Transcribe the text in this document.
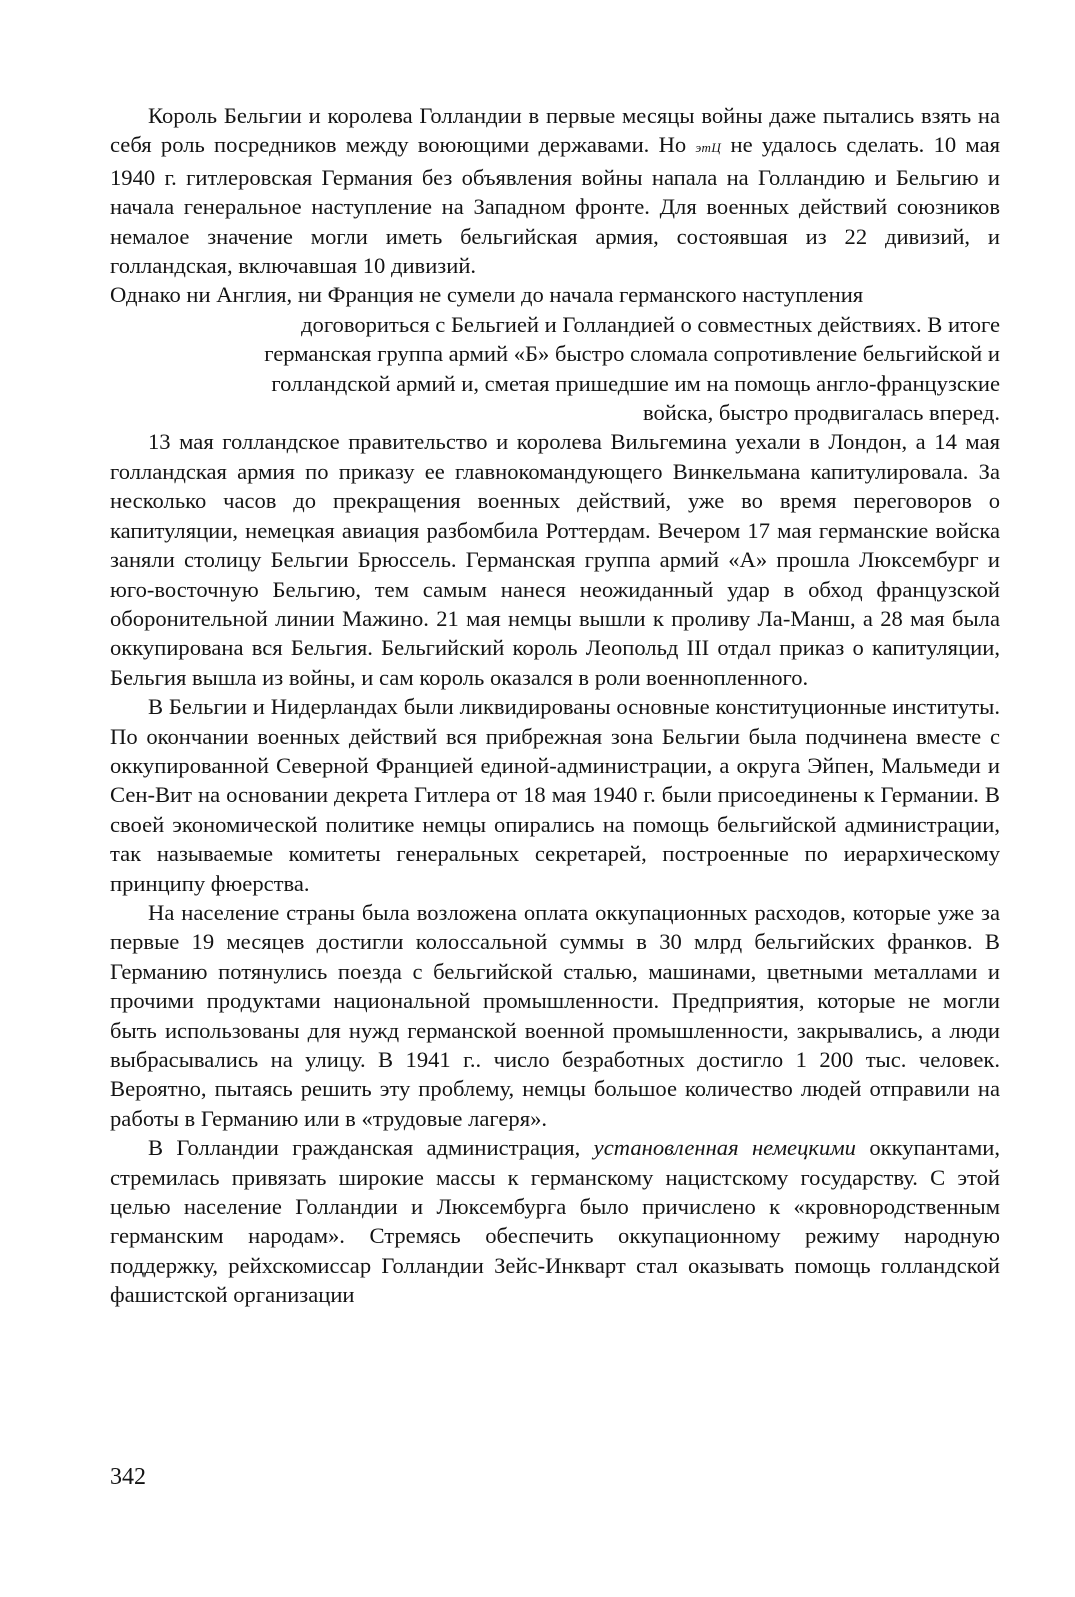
Король Бельгии и королева Голландии в первые месяцы войны даже пытались взять на себя роль посредников между воюющими державами. Но этЦ не удалось сделать. 10 мая 1940 г. гитлеровская Германия без объявления войны напала на Голландию и Бельгию и начала генеральное наступление на Западном фронте. Для военных действий союзников немалое значение могли иметь бельгийская армия, состоявшая из 22 дивизий, и голландская, включавшая 10 дивизий.

Однако ни Англия, ни Франция не сумели до начала германского наступления

договориться с Бельгией и Голландией о совместных действиях. В итоге

германская группа армий «Б» быстро сломала сопротивление бельгийской и

голландской армий и, сметая пришедшие им на помощь англо-французские

войска, быстро продвигалась вперед.

13 мая голландское правительство и королева Вильгемина уехали в Лондон, а 14 мая голландская армия по приказу ее главнокомандующего Винкельмана капитулировала. За несколько часов до прекращения военных действий, уже во время переговоров о капитуляции, немецкая авиация разбомбила Роттердам. Вечером 17 мая германские войска заняли столицу Бельгии Брюссель. Германская группа армий «А» прошла Люксембург и юго-восточную Бельгию, тем самым нанеся неожиданный удар в обход французской оборонительной линии Мажино. 21 мая немцы вышли к проливу Ла-Манш, а 28 мая была оккупирована вся Бельгия. Бельгийский король Леопольд III отдал приказ о капитуляции, Бельгия вышла из войны, и сам король оказался в роли военнопленного.

В Бельгии и Нидерландах были ликвидированы основные конституционные институты. По окончании военных действий вся прибрежная зона Бельгии была подчинена вместе с оккупированной Северной Францией единой-администрации, а округа Эйпен, Мальмеди и Сен-Вит на основании декрета Гитлера от 18 мая 1940 г. были присоединены к Германии. В своей экономической политике немцы опирались на помощь бельгийской администрации, так называемые комитеты генеральных секретарей, построенные по иерархическому принципу фюерства.

На население страны была возложена оплата оккупационных расходов, которые уже за первые 19 месяцев достигли колоссальной суммы в 30 млрд бельгийских франков. В Германию потянулись поезда с бельгийской сталью, машинами, цветными металлами и прочими продуктами национальной промышленности. Предприятия, которые не могли быть использованы для нужд германской военной промышленности, закрывались, а люди выбрасывались на улицу. В 1941 г.. число безработных достигло 1 200 тыс. человек. Вероятно, пытаясь решить эту проблему, немцы большое количество людей отправили на работы в Германию или в «трудовые лагеря».

В Голландии гражданская администрация, установленная немецкими оккупантами, стремилась привязать широкие массы к германскому нацистскому государству. С этой целью население Голландии и Люксембурга было причислено к «кровнородственным германским народам». Стремясь обеспечить оккупационному режиму народную поддержку, рейхскомиссар Голландии Зейс-Инкварт стал оказывать помощь голландской фашистской организации

342
